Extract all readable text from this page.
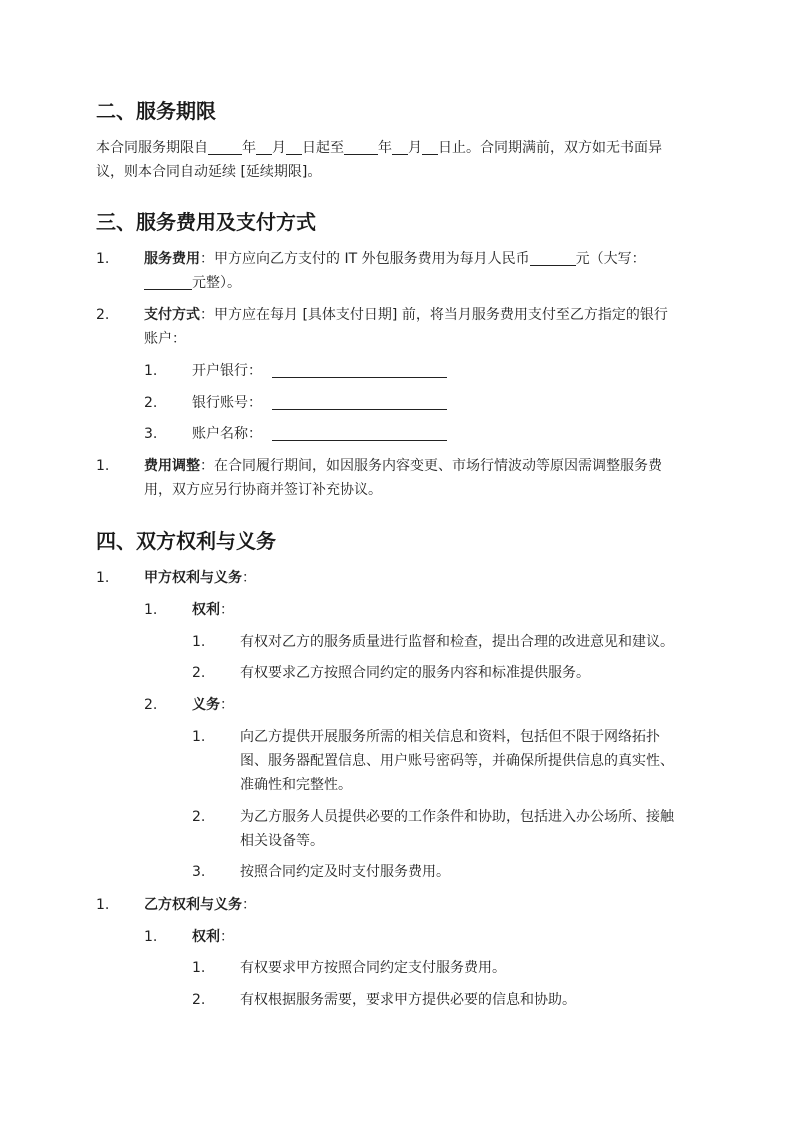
二、服务期限
本合同服务期限自 年 月 日起至 年 月 日止。合同期满前，双方如无书面异
议，则本合同自动延续 [延续期限]。
三、服务费用及支付方式
1. 服务费用：甲方应向乙方支付的 IT 外包服务费用为每月人民币	元（大写：
元整）。
2. 支付方式：甲方应在每月 [具体支付日期] 前，将当月服务费用支付至乙方指定的银行
账户：
1. 开户银行：
2. 银行账号：
3. 账户名称：
1. 费用调整：在合同履行期间，如因服务内容变更、市场行情波动等原因需调整服务费
用，双方应另行协商并签订补充协议。
四、双方权利与义务
1. 甲方权利与义务：
1. 权利：
1. 有权对乙方的服务质量进行监督和检查，提出合理的改进意见和建议。
2. 有权要求乙方按照合同约定的服务内容和标准提供服务。
2. 义务：
1. 向乙方提供开展服务所需的相关信息和资料，包括但不限于网络拓扑
图、服务器配置信息、用户账号密码等，并确保所提供信息的真实性、
准确性和完整性。
2. 为乙方服务人员提供必要的工作条件和协助，包括进入办公场所、接触
相关设备等。
3. 按照合同约定及时支付服务费用。
1. 乙方权利与义务：
1. 权利：
1. 有权要求甲方按照合同约定支付服务费用。
2. 有权根据服务需要，要求甲方提供必要的信息和协助。
